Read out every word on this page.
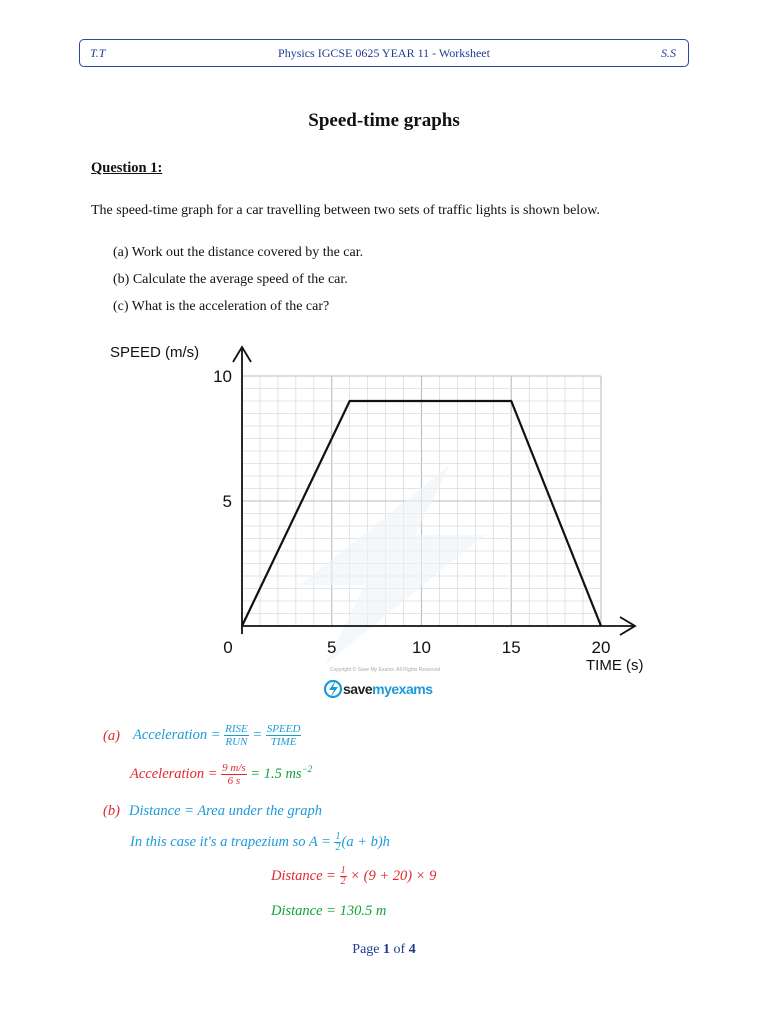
T.T	Physics IGCSE 0625 YEAR 11 - Worksheet	S.S
Speed-time graphs
Question 1:
The speed-time graph for a car travelling between two sets of traffic lights is shown below.
(a) Work out the distance covered by the car.
(b) Calculate the average speed of the car.
(c) What is the acceleration of the car?
0	5	10	15	20
5
10
SPEED (m/s)
TIME (s)
Copyright © Save My Exams. All Rights Reserved
savemyexams
(a) Acceleration = $\frac{\text{RISE}}{\text{RUN}} = \frac{\text{SPEED}}{\text{TIME}}$
Acceleration = $\frac{9 m/s}{6 s} = 1.5$ $ms^{-2}$
(b) Distance = Area under the graph
In this case it's a trapezium so $A = \frac{1}{2} (a + b)h$
Distance = $\frac{1}{2} \times (9 + 20) \times 9$
Distance = 130.5 m
Page 1 of 4
